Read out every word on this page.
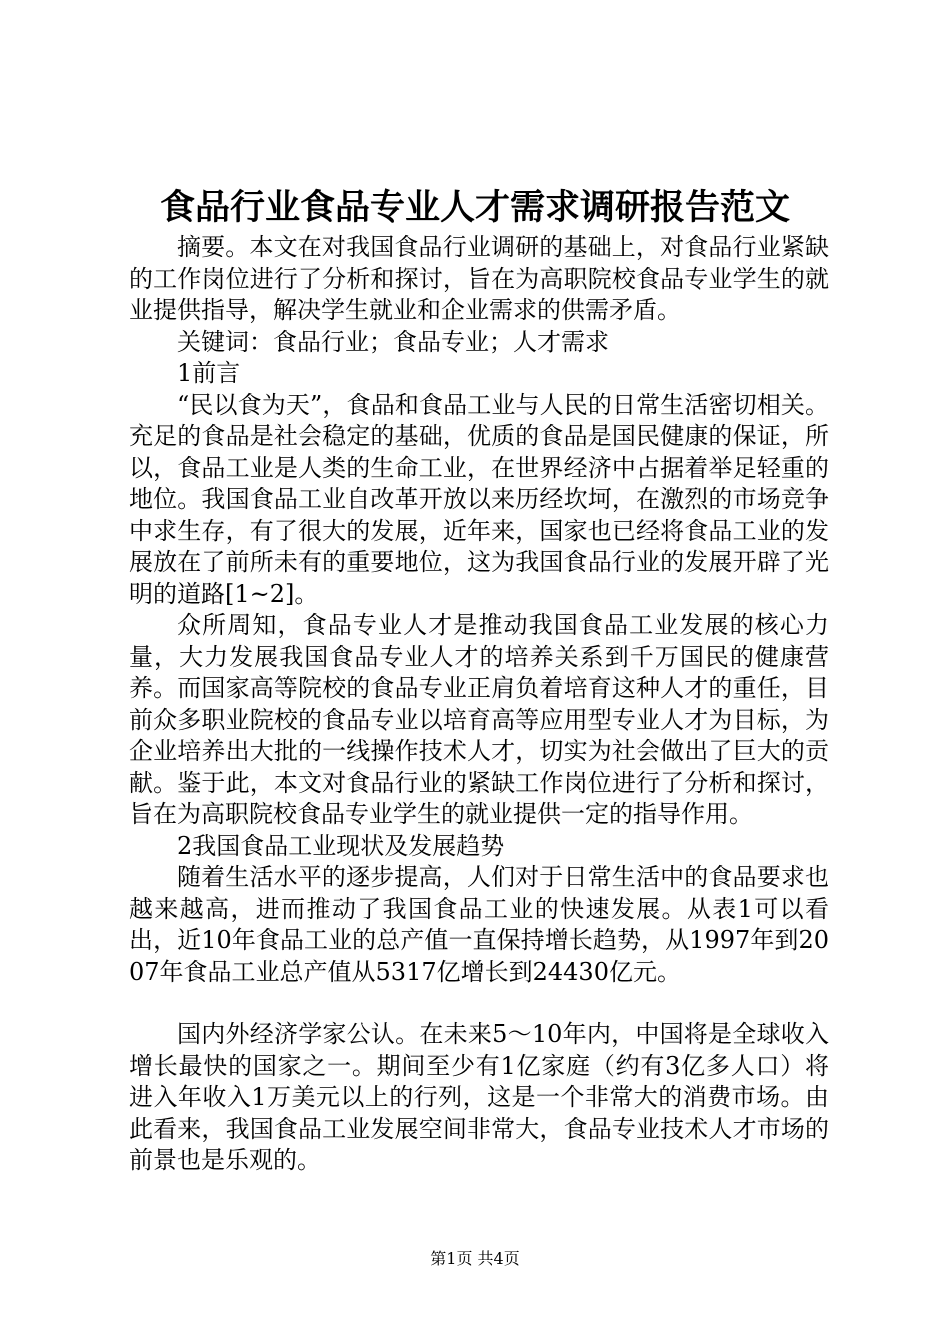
食品行业食品专业人才需求调研报告范文

摘要。本文在对我国食品行业调研的基础上，对食品行业紧缺的工作岗位进行了分析和探讨，旨在为高职院校食品专业学生的就业提供指导，解决学生就业和企业需求的供需矛盾。

关键词：食品行业；食品专业；人才需求

1前言

“民以食为天”，食品和食品工业与人民的日常生活密切相关。充足的食品是社会稳定的基础，优质的食品是国民健康的保证，所以，食品工业是人类的生命工业，在世界经济中占据着举足轻重的地位。我国食品工业自改革开放以来历经坎坷，在激烈的市场竞争中求生存，有了很大的发展，近年来，国家也已经将食品工业的发展放在了前所未有的重要地位，这为我国食品行业的发展开辟了光明的道路[1~2]。

众所周知，食品专业人才是推动我国食品工业发展的核心力量，大力发展我国食品专业人才的培养关系到千万国民的健康营养。而国家高等院校的食品专业正肩负着培育这种人才的重任，目前众多职业院校的食品专业以培育高等应用型专业人才为目标，为企业培养出大批的一线操作技术人才，切实为社会做出了巨大的贡献。鉴于此，本文对食品行业的紧缺工作岗位进行了分析和探讨，旨在为高职院校食品专业学生的就业提供一定的指导作用。

2我国食品工业现状及发展趋势

随着生活水平的逐步提高，人们对于日常生活中的食品要求也越来越高，进而推动了我国食品工业的快速发展。从表1可以看出，近10年食品工业的总产值一直保持增长趋势，从1997年到2007年食品工业总产值从5317亿增长到24430亿元。

国内外经济学家公认。在未来5～10年内，中国将是全球收入增长最快的国家之一。期间至少有1亿家庭（约有3亿多人口）将进入年收入1万美元以上的行列，这是一个非常大的消费市场。由此看来，我国食品工业发展空间非常大，食品专业技术人才市场的前景也是乐观的。

第1页 共4页
